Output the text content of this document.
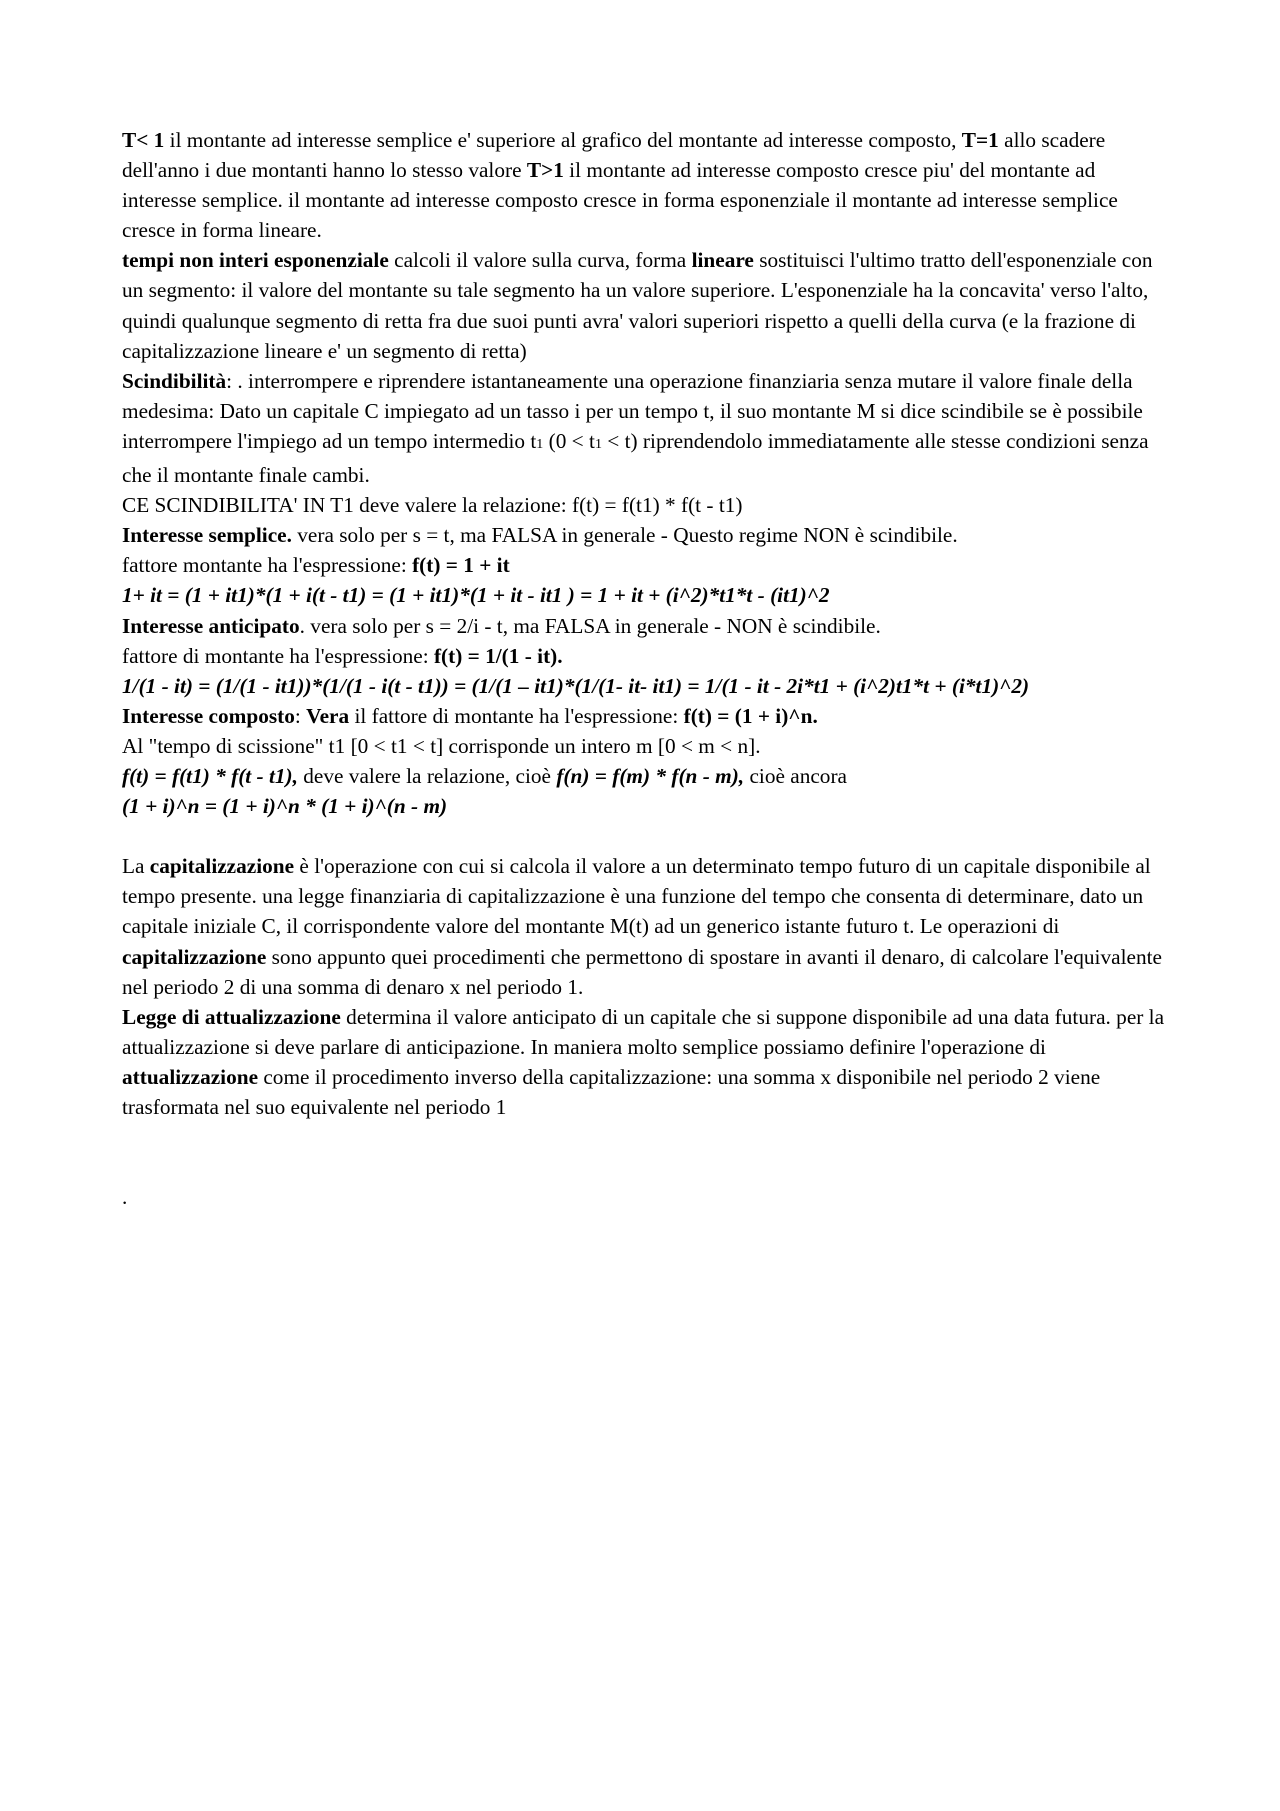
T< 1 il montante ad interesse semplice e' superiore al grafico del montante ad interesse composto, T=1 allo scadere dell'anno i due montanti hanno lo stesso valore T>1 il montante ad interesse composto cresce piu' del montante ad interesse semplice. il montante ad interesse composto cresce in forma esponenziale il montante ad interesse semplice cresce in forma lineare.

tempi non interi esponenziale calcoli il valore sulla curva, forma lineare sostituisci l'ultimo tratto dell'esponenziale con un segmento: il valore del montante su tale segmento ha un valore superiore. L'esponenziale ha la concavita' verso l'alto, quindi qualunque segmento di retta fra due suoi punti avra' valori superiori rispetto a quelli della curva (e la frazione di capitalizzazione lineare e' un segmento di retta)

Scindibilità: . interrompere e riprendere istantaneamente una operazione finanziaria senza mutare il valore finale della medesima: Dato un capitale C impiegato ad un tasso i per un tempo t, il suo montante M si dice scindibile se è possibile interrompere l'impiego ad un tempo intermedio t1 (0 < t1 < t) riprendendolo immediatamente alle stesse condizioni senza che il montante finale cambi.

CE SCINDIBILITA' IN T1 deve valere la relazione: f(t) = f(t1) * f(t - t1)

Interesse semplice. vera solo per s = t, ma FALSA in generale - Questo regime NON è scindibile.

fattore montante ha l'espressione: f(t) = 1 + it

1+ it = (1 + it1)*(1 + i(t - t1) = (1 + it1)*(1 + it - it1 ) = 1 + it + (i^2)*t1*t - (it1)^2

Interesse anticipato. vera solo per s = 2/i - t, ma FALSA in generale - NON è scindibile.

fattore di montante ha l'espressione: f(t) = 1/(1 - it).

1/(1 - it) = (1/(1 - it1))*(1/(1 - i(t - t1)) = (1/(1 – it1)*(1/(1- it- it1) = 1/(1 - it - 2i*t1 + (i^2)t1*t + (i*t1)^2)

Interesse composto: Vera il fattore di montante ha l'espressione: f(t) = (1 + i)^n.

Al "tempo di scissione" t1 [0 < t1 < t] corrisponde un intero m [0 < m < n].

f(t) = f(t1) * f(t - t1), deve valere la relazione, cioè f(n) = f(m) * f(n - m), cioè ancora

(1 + i)^n = (1 + i)^n * (1 + i)^(n - m)

La capitalizzazione è l'operazione con cui si calcola il valore a un determinato tempo futuro di un capitale disponibile al tempo presente. una legge finanziaria di capitalizzazione è una funzione del tempo che consenta di determinare, dato un capitale iniziale C, il corrispondente valore del montante M(t) ad un generico istante futuro t. Le operazioni di capitalizzazione sono appunto quei procedimenti che permettono di spostare in avanti il denaro, di calcolare l'equivalente nel periodo 2 di una somma di denaro x nel periodo 1.

Legge di attualizzazione determina il valore anticipato di un capitale che si suppone disponibile ad una data futura. per la attualizzazione si deve parlare di anticipazione. In maniera molto semplice possiamo definire l'operazione di attualizzazione come il procedimento inverso della capitalizzazione: una somma x disponibile nel periodo 2 viene trasformata nel suo equivalente nel periodo 1

.
